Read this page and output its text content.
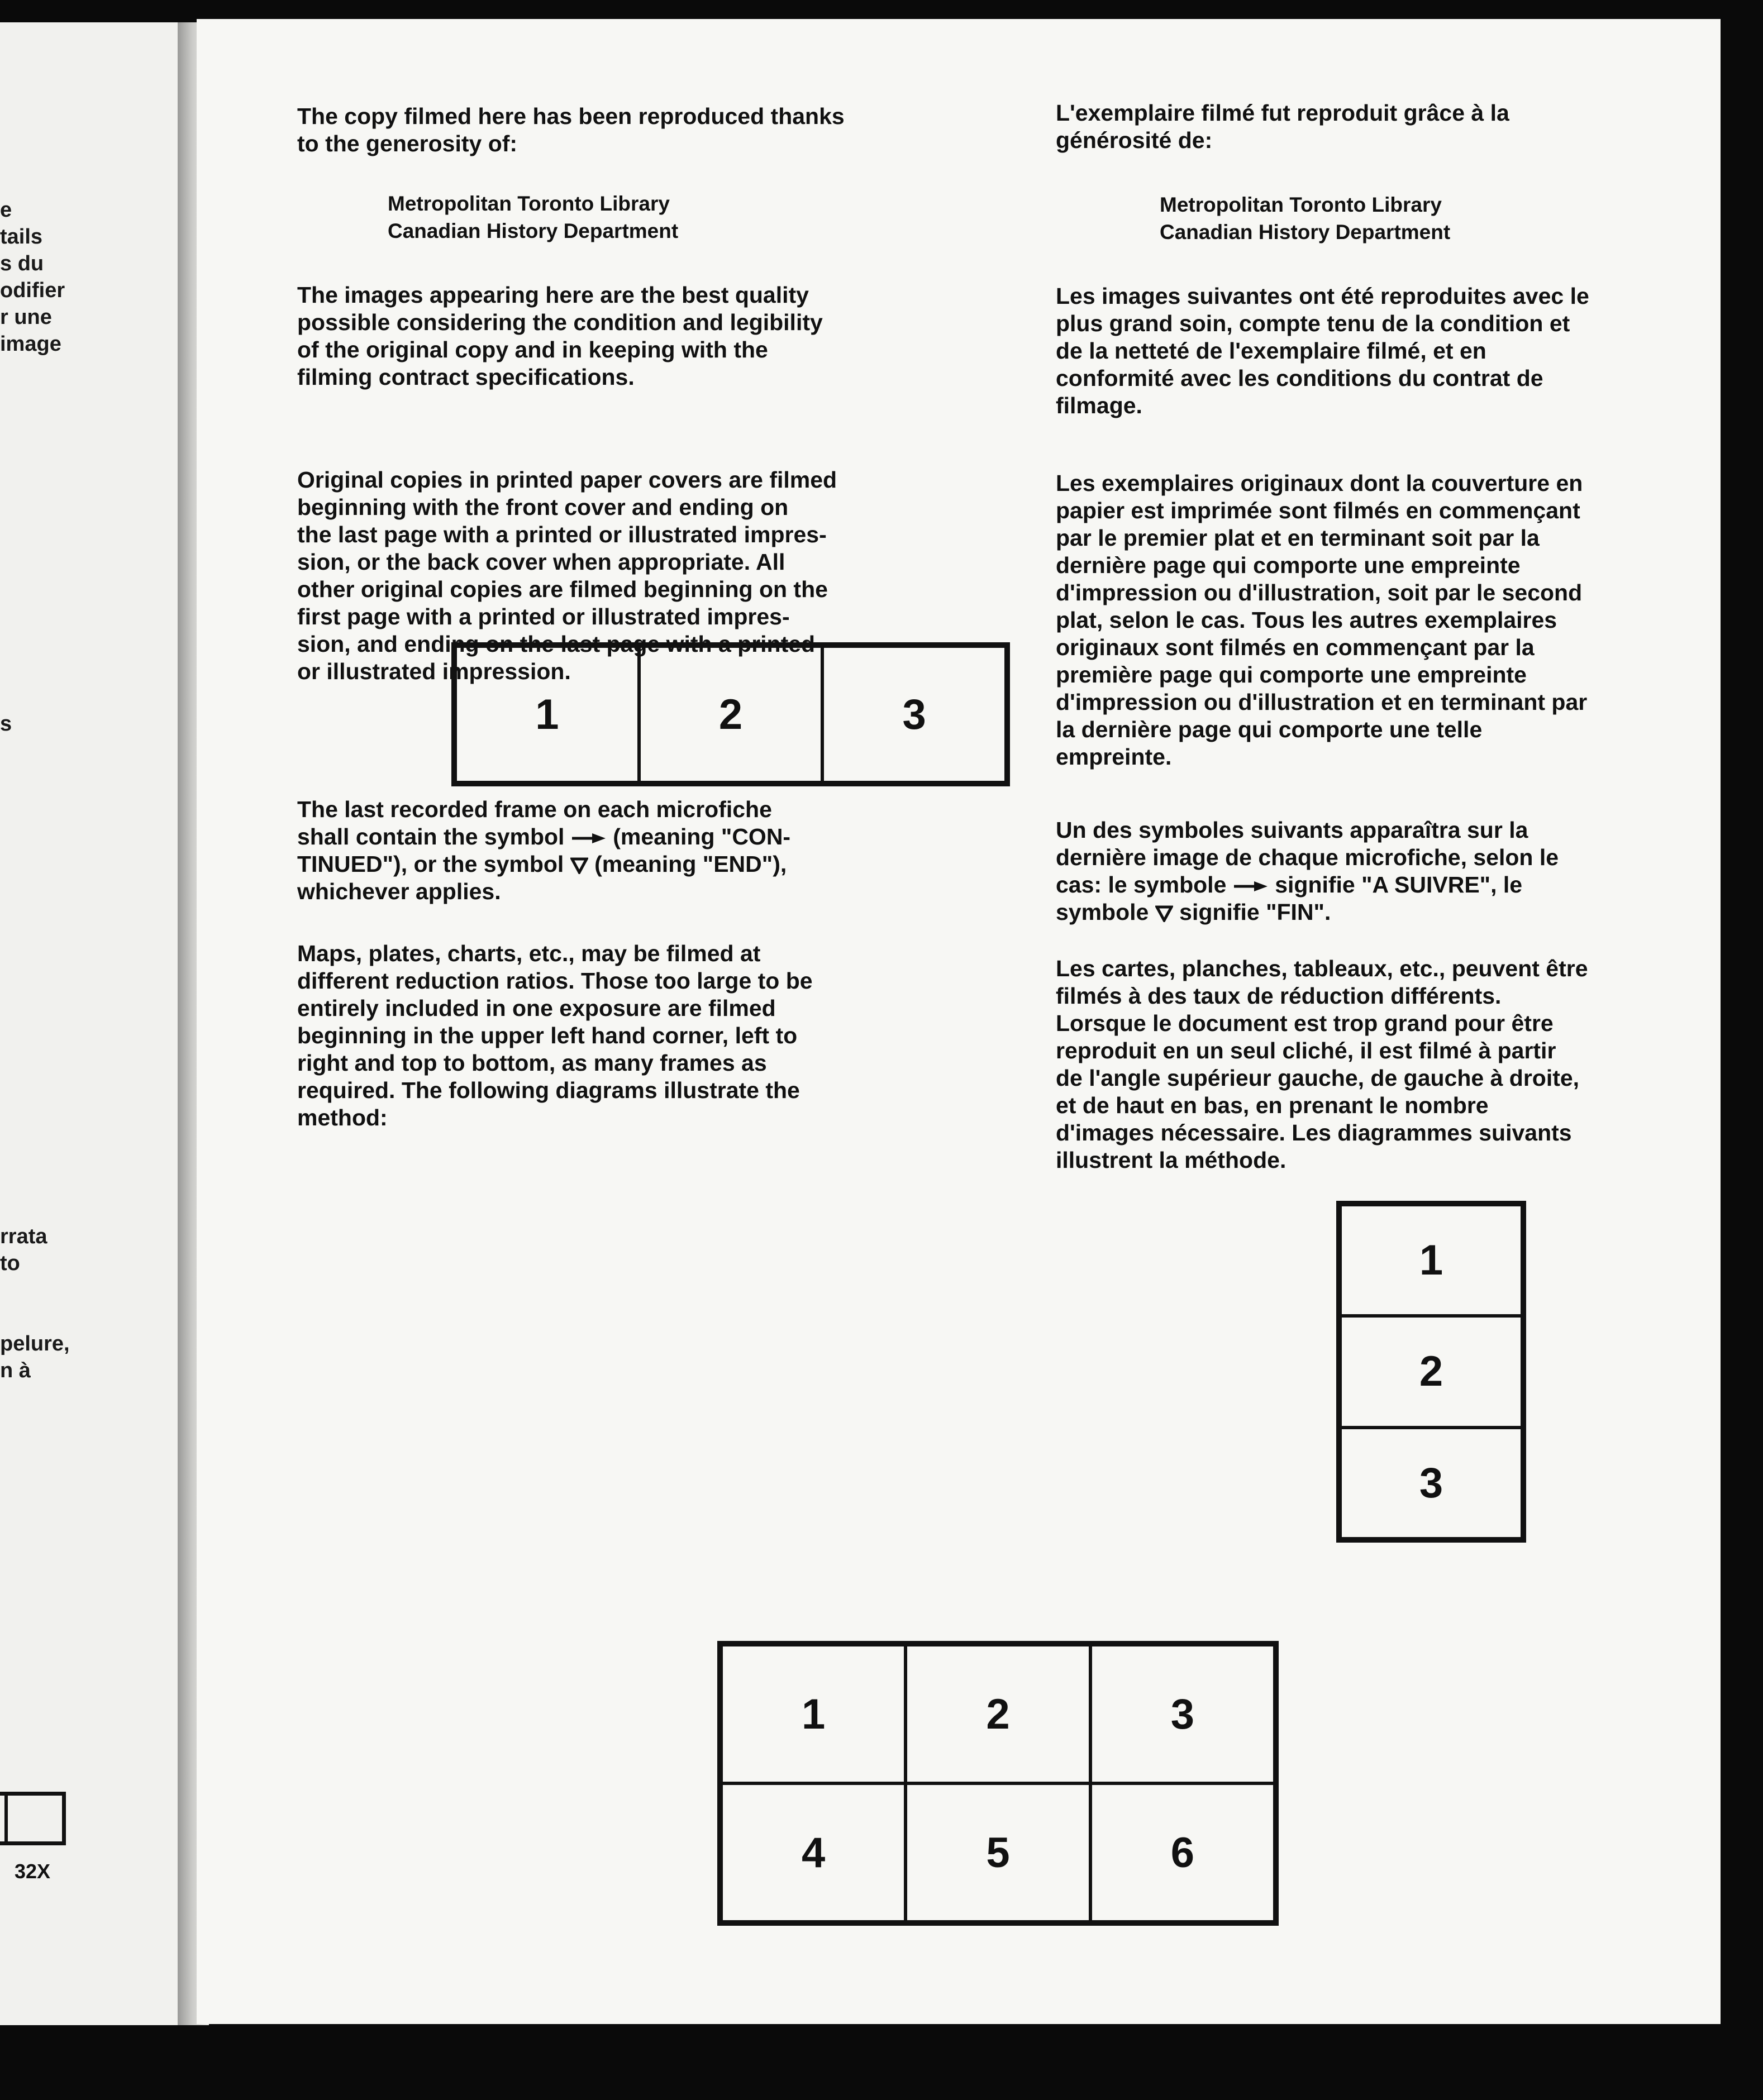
e
tails
s du
odifier
r une
image
s
rrata
to
pelure,
n à
32X

The copy filmed here has been reproduced thanks
to the generosity of:

Metropolitan Toronto Library
Canadian History Department

The images appearing here are the best quality
possible considering the condition and legibility
of the original copy and in keeping with the
filming contract specifications.

Original copies in printed paper covers are filmed
beginning with the front cover and ending on
the last page with a printed or illustrated impres-
sion, or the back cover when appropriate. All
other original copies are filmed beginning on the
first page with a printed or illustrated impres-
sion, and ending on the last page with a printed
or illustrated impression.

The last recorded frame on each microfiche
shall contain the symbol (meaning "CON-
TINUED"), or the symbol (meaning "END"),
whichever applies.

Maps, plates, charts, etc., may be filmed at
different reduction ratios. Those too large to be
entirely included in one exposure are filmed
beginning in the upper left hand corner, left to
right and top to bottom, as many frames as
required. The following diagrams illustrate the
method:

L'exemplaire filmé fut reproduit grâce à la
générosité de:

Metropolitan Toronto Library
Canadian History Department

Les images suivantes ont été reproduites avec le
plus grand soin, compte tenu de la condition et
de la netteté de l'exemplaire filmé, et en
conformité avec les conditions du contrat de
filmage.

Les exemplaires originaux dont la couverture en
papier est imprimée sont filmés en commençant
par le premier plat et en terminant soit par la
dernière page qui comporte une empreinte
d'impression ou d'illustration, soit par le second
plat, selon le cas. Tous les autres exemplaires
originaux sont filmés en commençant par la
première page qui comporte une empreinte
d'impression ou d'illustration et en terminant par
la dernière page qui comporte une telle
empreinte.

Un des symboles suivants apparaîtra sur la
dernière image de chaque microfiche, selon le
cas: le symbole signifie "A SUIVRE", le
symbole signifie "FIN".

Les cartes, planches, tableaux, etc., peuvent être
filmés à des taux de réduction différents.
Lorsque le document est trop grand pour être
reproduit en un seul cliché, il est filmé à partir
de l'angle supérieur gauche, de gauche à droite,
et de haut en bas, en prenant le nombre
d'images nécessaire. Les diagrammes suivants
illustrent la méthode.

1	2	3
1
2
3
1	2	3
4	5	6
